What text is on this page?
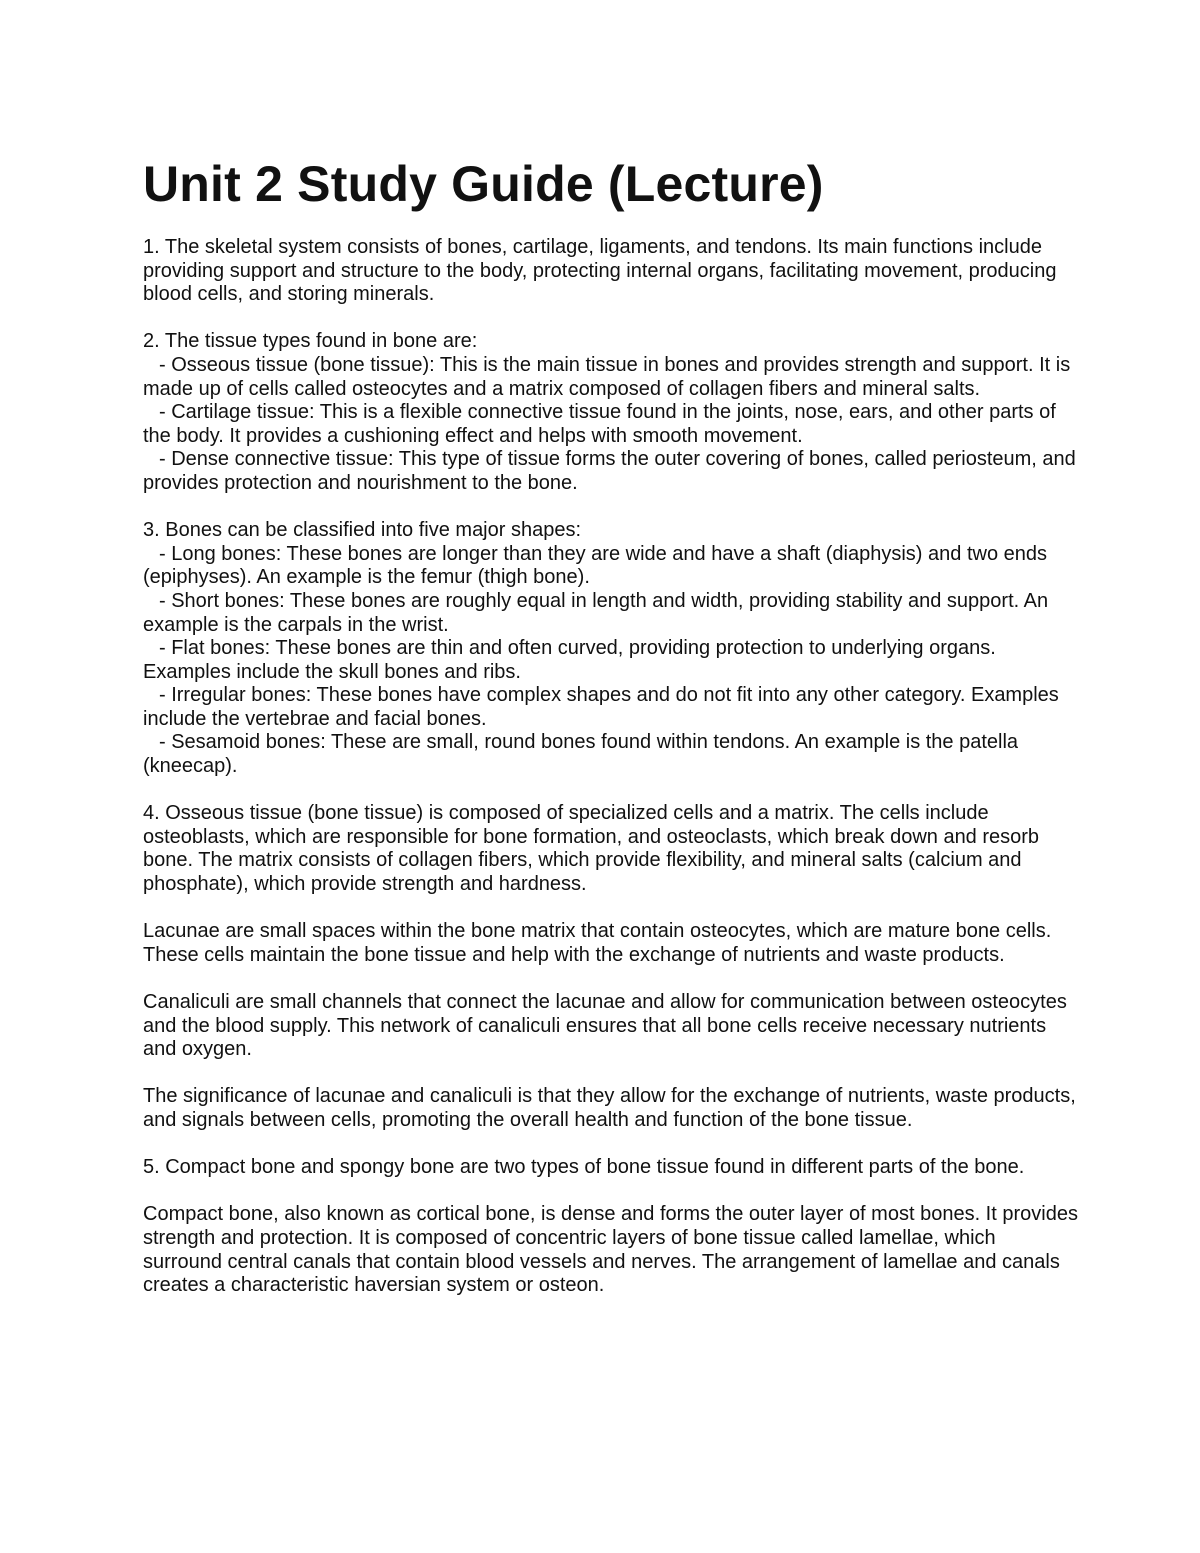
Unit 2 Study Guide (Lecture)

1. The skeletal system consists of bones, cartilage, ligaments, and tendons. Its main functions include providing support and structure to the body, protecting internal organs, facilitating movement, producing blood cells, and storing minerals.

2. The tissue types found in bone are:

- Osseous tissue (bone tissue): This is the main tissue in bones and provides strength and support. It is made up of cells called osteocytes and a matrix composed of collagen fibers and mineral salts.

- Cartilage tissue: This is a flexible connective tissue found in the joints, nose, ears, and other parts of the body. It provides a cushioning effect and helps with smooth movement.

- Dense connective tissue: This type of tissue forms the outer covering of bones, called periosteum, and provides protection and nourishment to the bone.

3. Bones can be classified into five major shapes:

- Long bones: These bones are longer than they are wide and have a shaft (diaphysis) and two ends (epiphyses). An example is the femur (thigh bone).

- Short bones: These bones are roughly equal in length and width, providing stability and support. An example is the carpals in the wrist.

- Flat bones: These bones are thin and often curved, providing protection to underlying organs. Examples include the skull bones and ribs.

- Irregular bones: These bones have complex shapes and do not fit into any other category. Examples include the vertebrae and facial bones.

- Sesamoid bones: These are small, round bones found within tendons. An example is the patella (kneecap).

4. Osseous tissue (bone tissue) is composed of specialized cells and a matrix. The cells include osteoblasts, which are responsible for bone formation, and osteoclasts, which break down and resorb bone. The matrix consists of collagen fibers, which provide flexibility, and mineral salts (calcium and phosphate), which provide strength and hardness.

Lacunae are small spaces within the bone matrix that contain osteocytes, which are mature bone cells. These cells maintain the bone tissue and help with the exchange of nutrients and waste products.

Canaliculi are small channels that connect the lacunae and allow for communication between osteocytes and the blood supply. This network of canaliculi ensures that all bone cells receive necessary nutrients and oxygen.

The significance of lacunae and canaliculi is that they allow for the exchange of nutrients, waste products, and signals between cells, promoting the overall health and function of the bone tissue.

5. Compact bone and spongy bone are two types of bone tissue found in different parts of the bone.

Compact bone, also known as cortical bone, is dense and forms the outer layer of most bones. It provides strength and protection. It is composed of concentric layers of bone tissue called lamellae, which surround central canals that contain blood vessels and nerves. The arrangement of lamellae and canals creates a characteristic haversian system or osteon.
